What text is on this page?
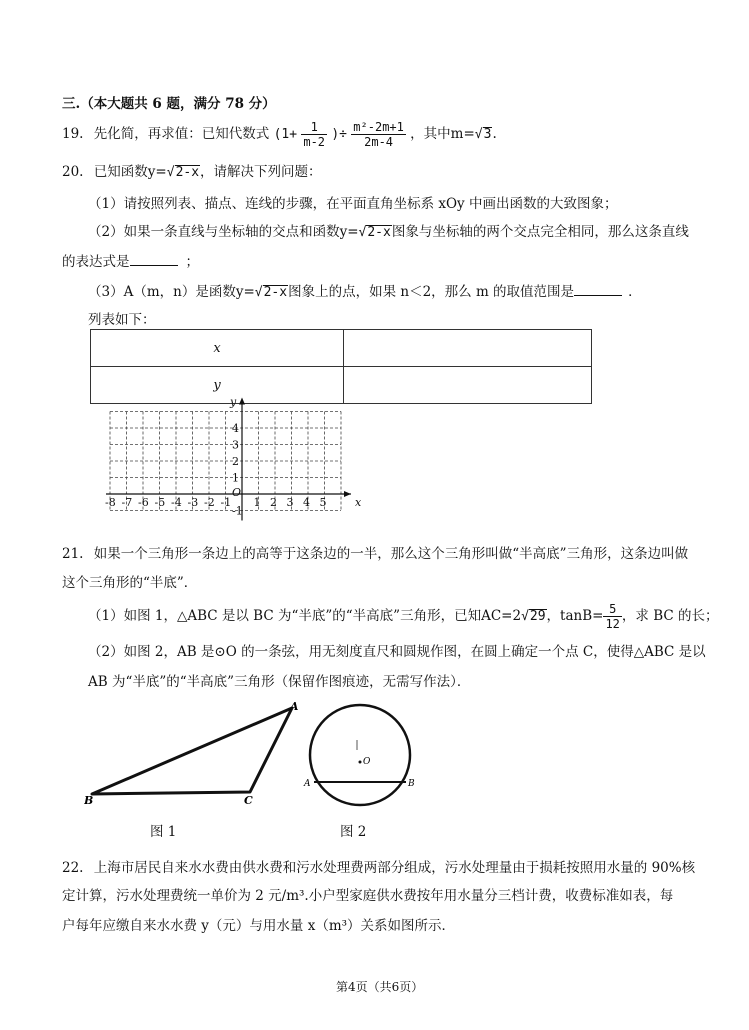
三.（本大题共 6 题，满分 78 分）
19. 先化简，再求值：已知代数式 ($1+ \frac{1}{m-2}$ )÷ $\frac{\text{m²-2m+1}}{2m-4}$ ，其中m=√3.
20. 已知函数y=√2-x，请解决下列问题：
（1）请按照列表、描点、连线的步骤，在平面直角坐标系 xOy 中画出函数的大致图象；
（2）如果一条直线与坐标轴的交点和函数y=√2-x图象与坐标轴的两个交点完全相同，那么这条直线
的表达式是	；
（3）A（m，n）是函数y=√2-x图象上的点，如果 n＜2，那么 m 的取值范围是	．
列表如下：
x	
y	
-8 -7 -6 -5 -4 -3 -2 -1 1 2 3 4 5
4
3
2
1
-1
O
x
y
21. 如果一个三角形一条边上的高等于这条边的一半，那么这个三角形叫做“半高底”三角形，这条边叫做
这个三角形的“半底”．
（1）如图 1，△ABC 是以 BC 为“半底”的“半高底”三角形，已知AC=2√29，$\tan B= \frac{5}{12}$ ，求 BC 的长；
（2）如图 2，AB 是⊙O 的一条弦，用无刻度直尺和圆规作图，在圆上确定一个点 C，使得△ABC 是以
AB 为“半底”的“半高底”三角形（保留作图痕迹，无需写作法）．
A
B	C
图 1
O
A	B
图 2
22. 上海市居民自来水水费由供水费和污水处理费两部分组成，污水处理量由于损耗按照用水量的 90%核
定计算，污水处理费统一单价为 2 元/m³.小户型家庭供水费按年用水量分三档计费，收费标准如表，每
户每年应缴自来水水费 y（元）与用水量 x（m³）关系如图所示．
第4页（共6页）
